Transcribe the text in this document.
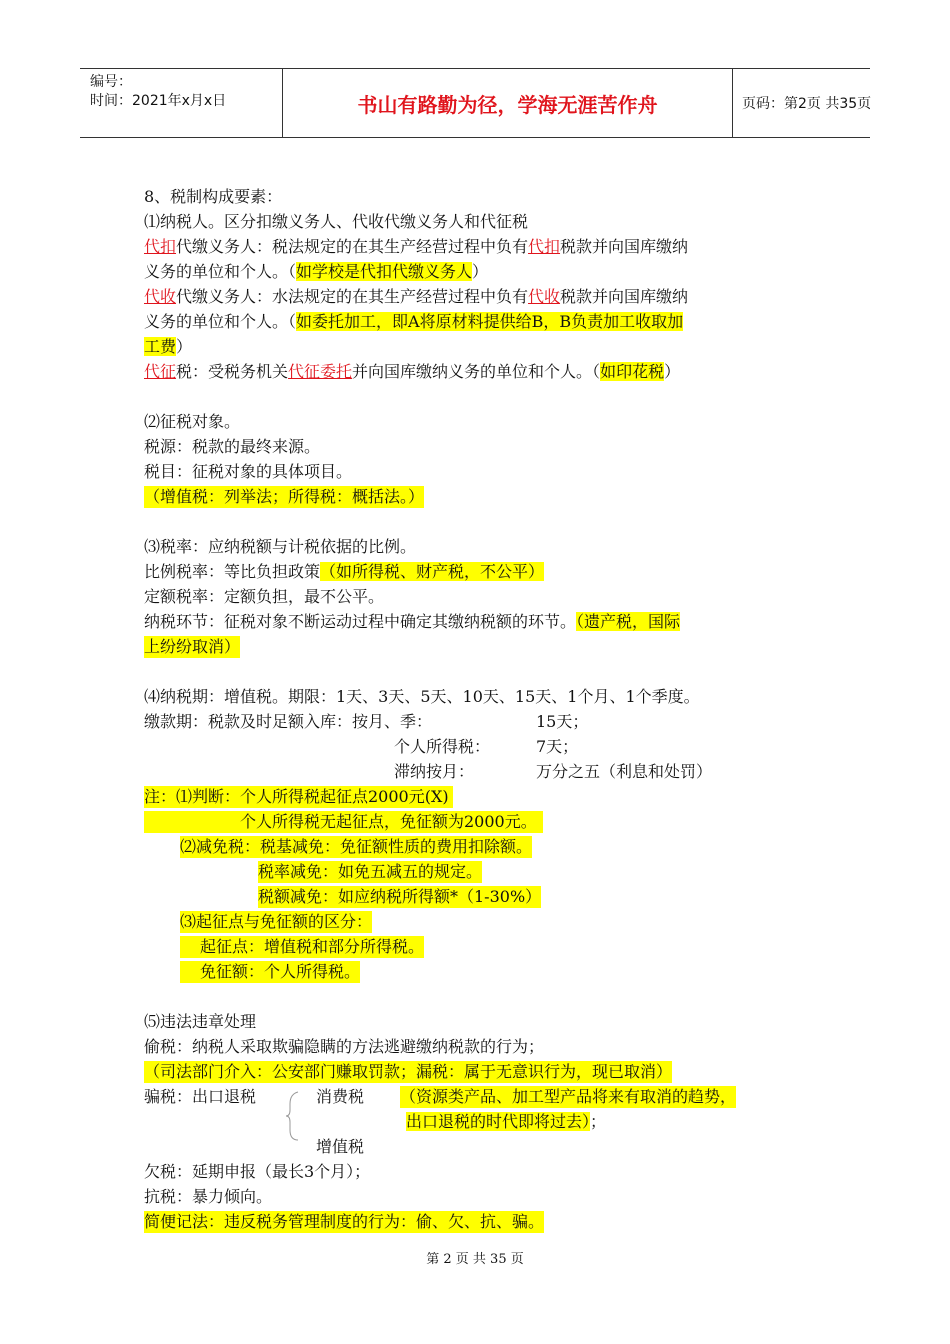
编号：
时间：2021年x月x日	书山有路勤为径，学海无涯苦作舟	页码：第2页 共35页
8、税制构成要素：
⑴纳税人。区分扣缴义务人、代收代缴义务人和代征税
代扣代缴义务人：税法规定的在其生产经营过程中负有代扣税款并向国库缴纳
义务的单位和个人。（如学校是代扣代缴义务人）
代收代缴义务人：水法规定的在其生产经营过程中负有代收税款并向国库缴纳
义务的单位和个人。（如委托加工，即A将原材料提供给B，B负责加工收取加
工费）
代征税：受税务机关代征委托并向国库缴纳义务的单位和个人。（如印花税）
⑵征税对象。
税源：税款的最终来源。
税目：征税对象的具体项目。
（增值税：列举法；所得税：概括法。）
⑶税率：应纳税额与计税依据的比例。
比例税率：等比负担政策（如所得税、财产税，不公平）
定额税率：定额负担，最不公平。
纳税环节：征税对象不断运动过程中确定其缴纳税额的环节。（遗产税，国际
上纷纷取消）
⑷纳税期：增值税。期限：1天、3天、5天、10天、15天、1个月、1个季度。
缴款期：税款及时足额入库：按月、季：	15天；
个人所得税：	7天；
滞纳按月：	万分之五（利息和处罚）
注：⑴判断：个人所得税起征点2000元(X)
个人所得税无起征点，免征额为2000元。
⑵减免税：税基减免：免征额性质的费用扣除额。
税率减免：如免五减五的规定。
税额减免：如应纳税所得额*（1-30%）
⑶起征点与免征额的区分：
起征点：增值税和部分所得税。
免征额：个人所得税。
⑸违法违章处理
偷税：纳税人采取欺骗隐瞒的方法逃避缴纳税款的行为；
（司法部门介入：公安部门赚取罚款；漏税：属于无意识行为，现已取消）
骗税：出口退税	消费税 （资源类产品、加工型产品将来有取消的趋势，
出口退税的时代即将过去）；
增值税
欠税：延期申报（最长3个月）；
抗税：暴力倾向。
简便记法：违反税务管理制度的行为：偷、欠、抗、骗。
第 2 页 共 35 页
